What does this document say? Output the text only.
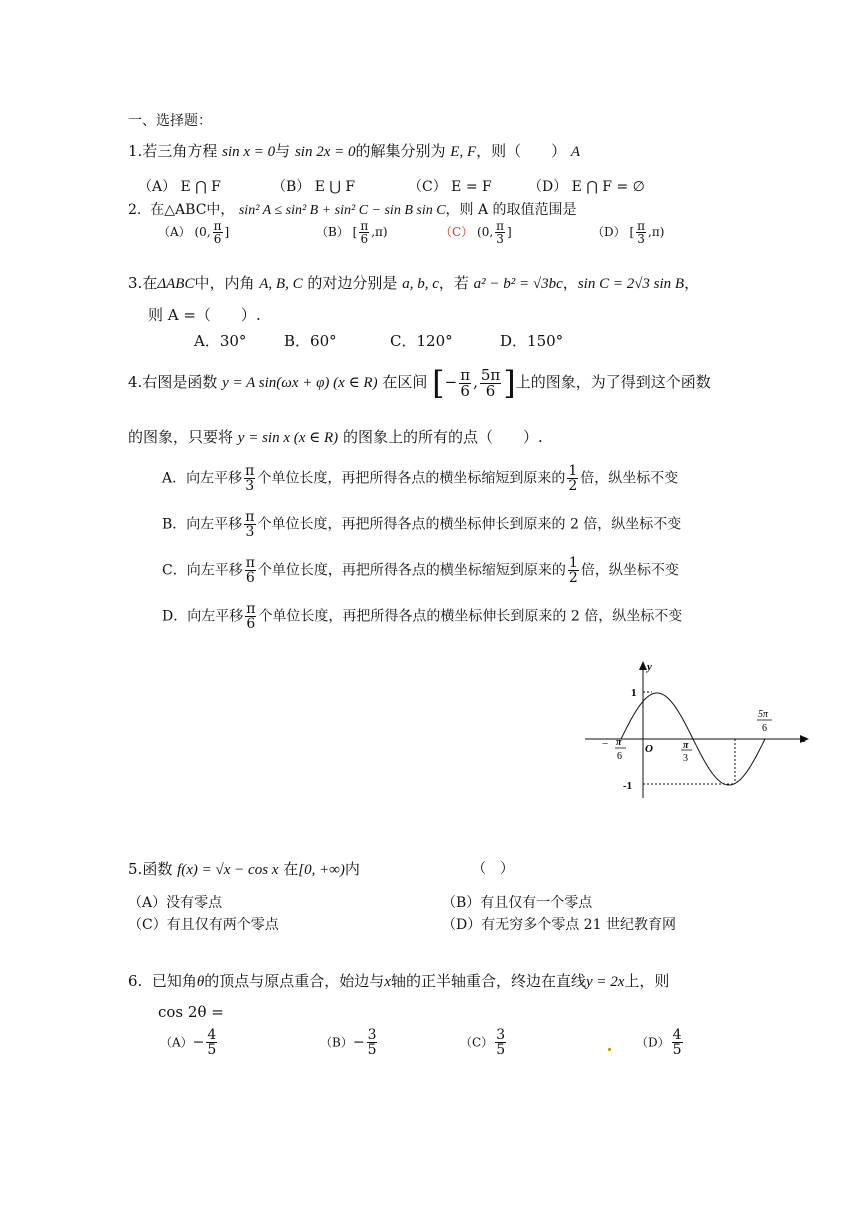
一、选择题：
1.若三角方程 sin x = 0与 sin 2x = 0的解集分别为 E, F，则（　　） A
（A） E ⋂ F	（B） E ⋃ F	（C） E = F	（D） E ⋂ F = ∅
2. 在△ABC中， sin² A ≤ sin² B + sin² C − sin B sin C，则 A 的取值范围是
（A） (0, $\frac{\pi}{6}$ ]	（B） [ $\frac{\pi}{6} ,\pi$)	（C） (0, $\frac{\pi}{3}$ ]	（D） [ $\frac{\pi}{3} ,\pi$)
3.在ΔABC中，内角 A, B, C 的对边分别是 a, b, c，若 a² − b² = √3bc，sin C = 2√3 sin B，
则 A =（　　）.
A．30°	B．60°	C．120°	D．150°
4.右图是函数 y = A sin(ωx + φ) (x ∈ R) 在区间 [− $\frac{\pi}{6}$ , $\frac{5\pi}{6}$ ]上的图象，为了得到这个函数
的图象，只要将 y = sin x (x ∈ R) 的图象上的所有的点（　　）.
A．向左平移 $\frac{\pi}{3}$ 个单位长度，再把所得各点的横坐标缩短到原来的 $\frac{1}{2}$ 倍，纵坐标不变
B．向左平移 $\frac{\pi}{3}$ 个单位长度，再把所得各点的横坐标伸长到原来的 2 倍，纵坐标不变
C．向左平移 $\frac{\pi}{6}$ 个单位长度，再把所得各点的横坐标缩短到原来的 $\frac{1}{2}$ 倍，纵坐标不变
D．向左平移 $\frac{\pi}{6}$ 个单位长度，再把所得各点的横坐标伸长到原来的 2 倍，纵坐标不变
y
x
1
-1
O
− π
6
π
3
5π
6
5.函数 f(x) = √x − cos x 在[0, +∞)内	（　）
（A）没有零点	（B）有且仅有一个零点
（C）有且仅有两个零点	（D）有无穷多个零点 21 世纪教育网
6. 已知角θ的顶点与原点重合，始边与x轴的正半轴重合，终边在直线y = 2x上，则
cos 2θ =
$(A)- \frac{4}{5}$	$(B)- \frac{3}{5}$	$(C) \frac{3}{5}$	$(D) \frac{4}{5}$
